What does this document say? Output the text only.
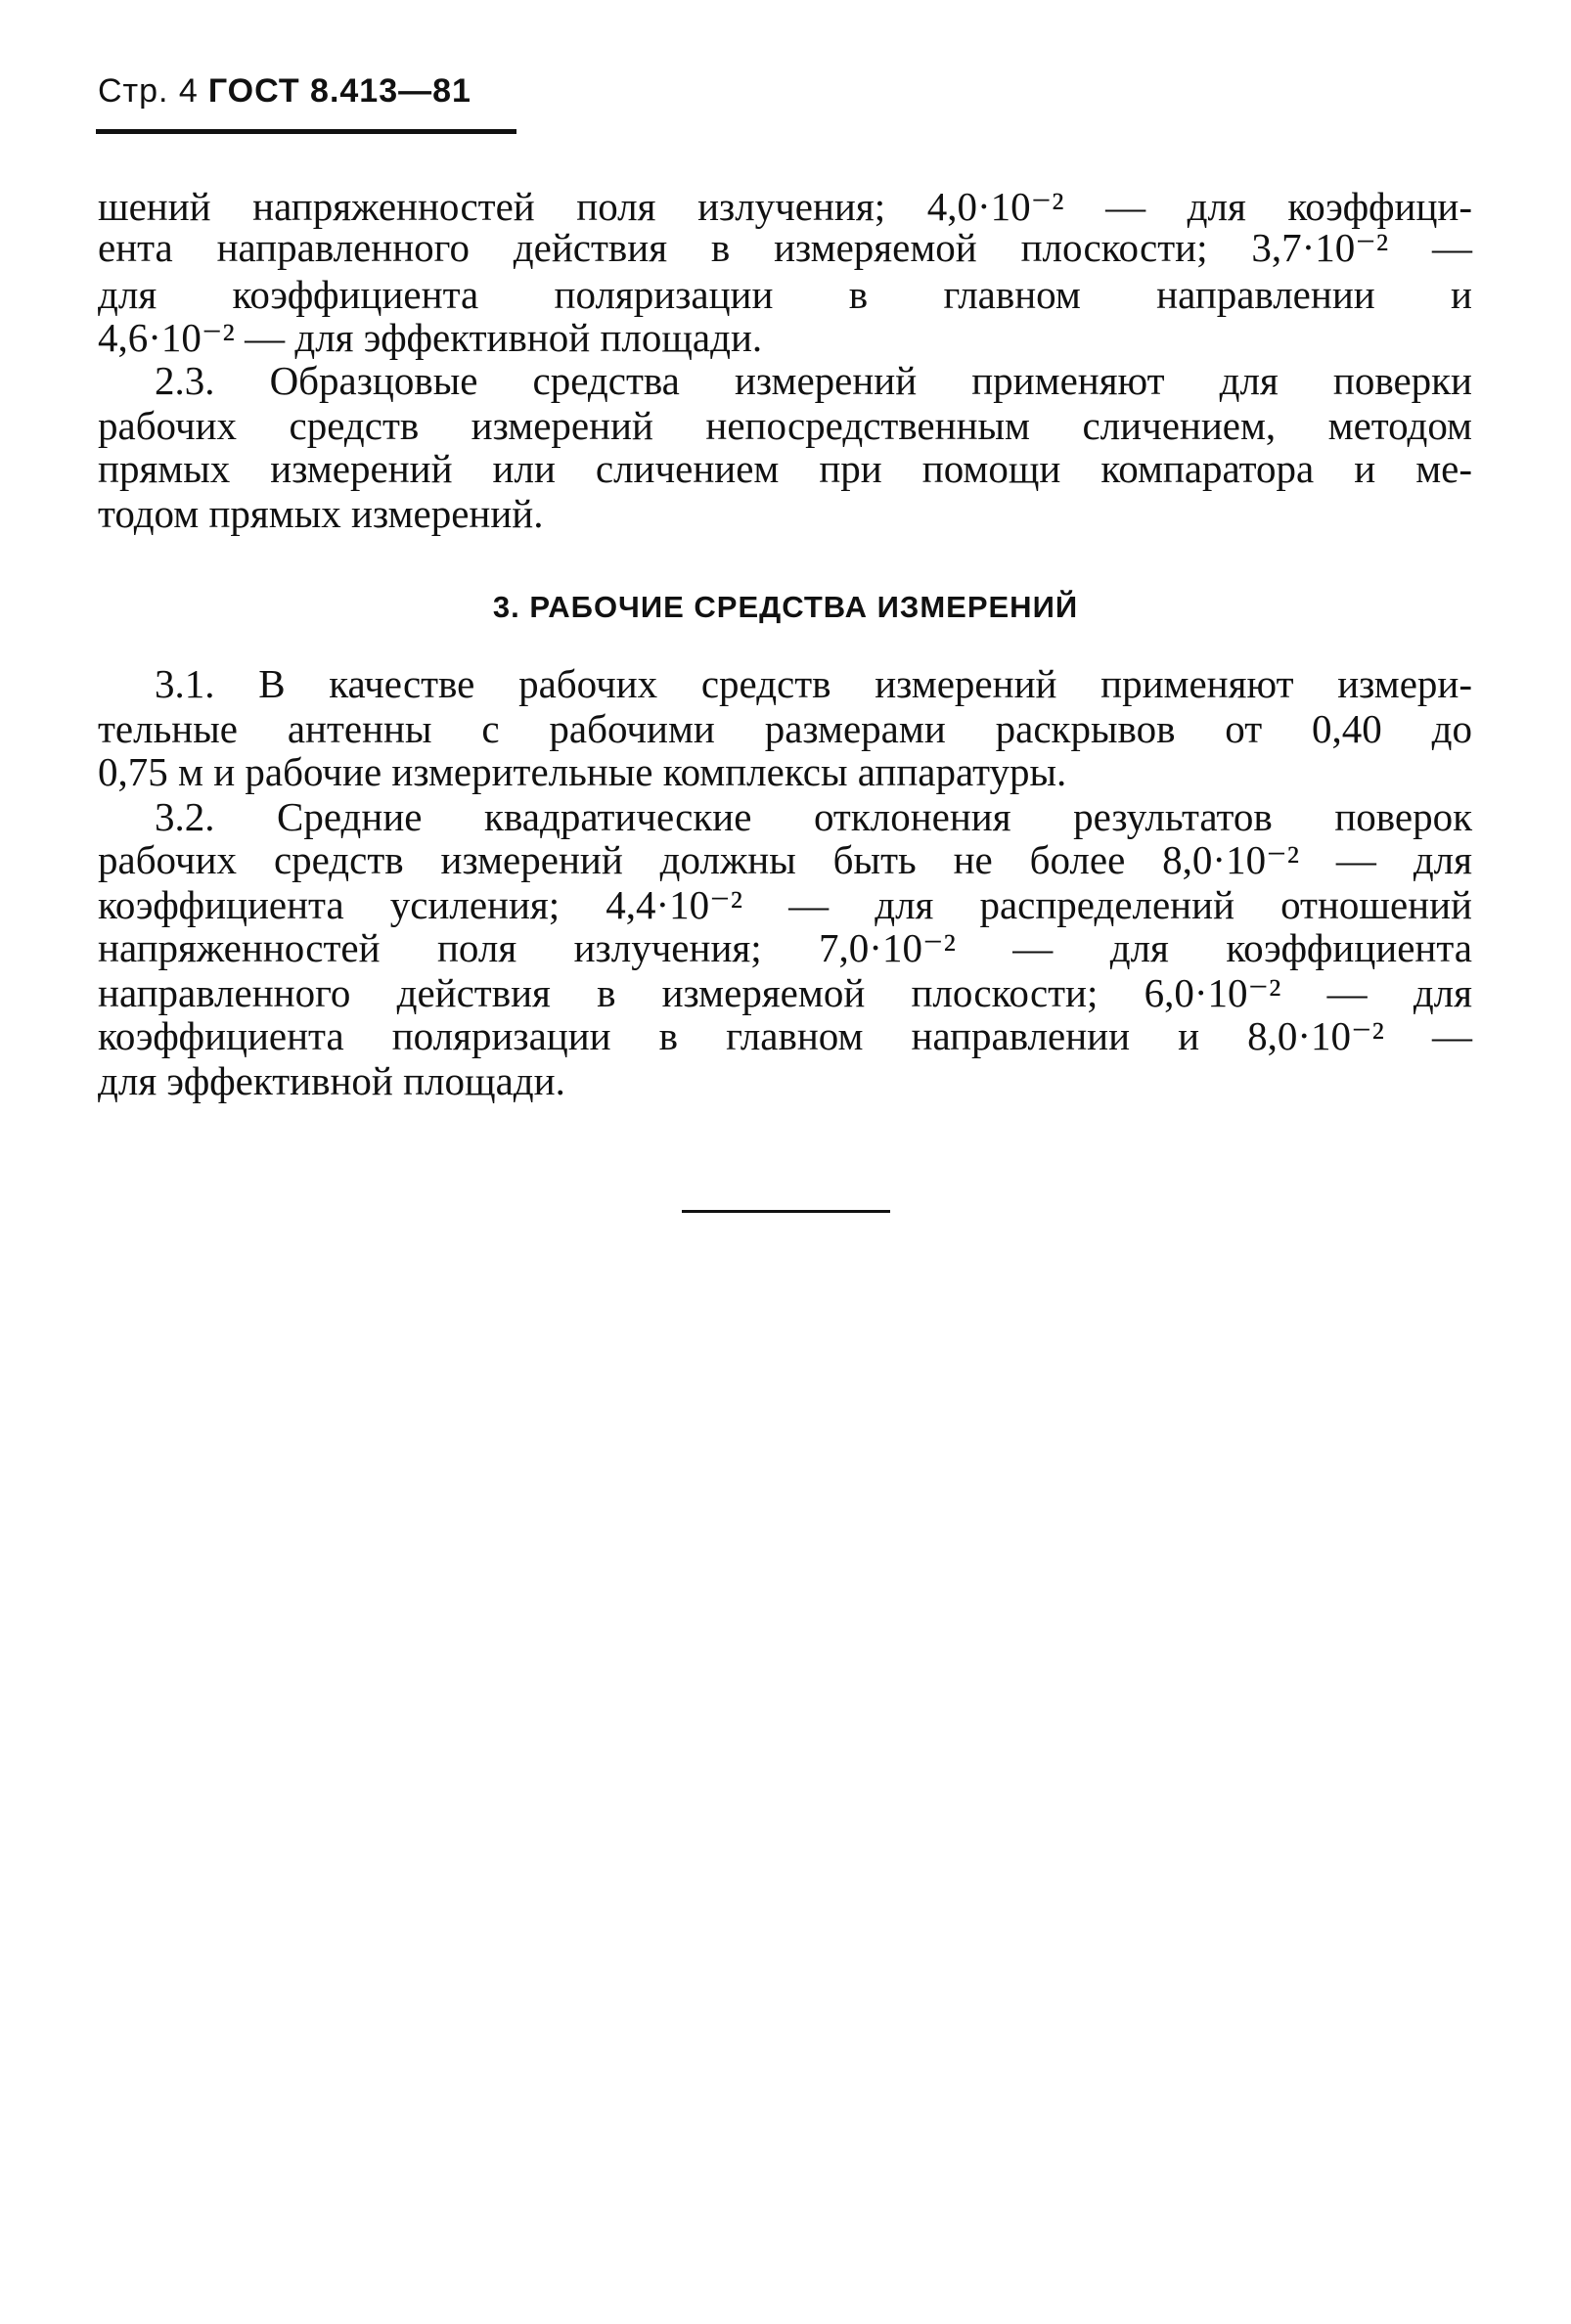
Стр. 4 ГОСТ 8.413—81
шений напряженностей поля излучения; 4,0·10⁻² — для коэффици-
ента направленного действия в измеряемой плоскости; 3,7·10⁻² —
для коэффициента поляризации в главном направлении и
4,6·10⁻² — для эффективной площади.
2.3. Образцовые средства измерений применяют для поверки
рабочих средств измерений непосредственным сличением, методом
прямых измерений или сличением при помощи компаратора и ме-
тодом прямых измерений.
3. РАБОЧИЕ СРЕДСТВА ИЗМЕРЕНИЙ
3.1. В качестве рабочих средств измерений применяют измери-
тельные антенны с рабочими размерами раскрывов от 0,40 до
0,75 м и рабочие измерительные комплексы аппаратуры.
3.2. Средние квадратические отклонения результатов поверок
рабочих средств измерений должны быть не более 8,0·10⁻² — для
коэффициента усиления; 4,4·10⁻² — для распределений отношений
напряженностей поля излучения; 7,0·10⁻² — для коэффициента
направленного действия в измеряемой плоскости; 6,0·10⁻² — для
коэффициента поляризации в главном направлении и 8,0·10⁻² —
для эффективной площади.
